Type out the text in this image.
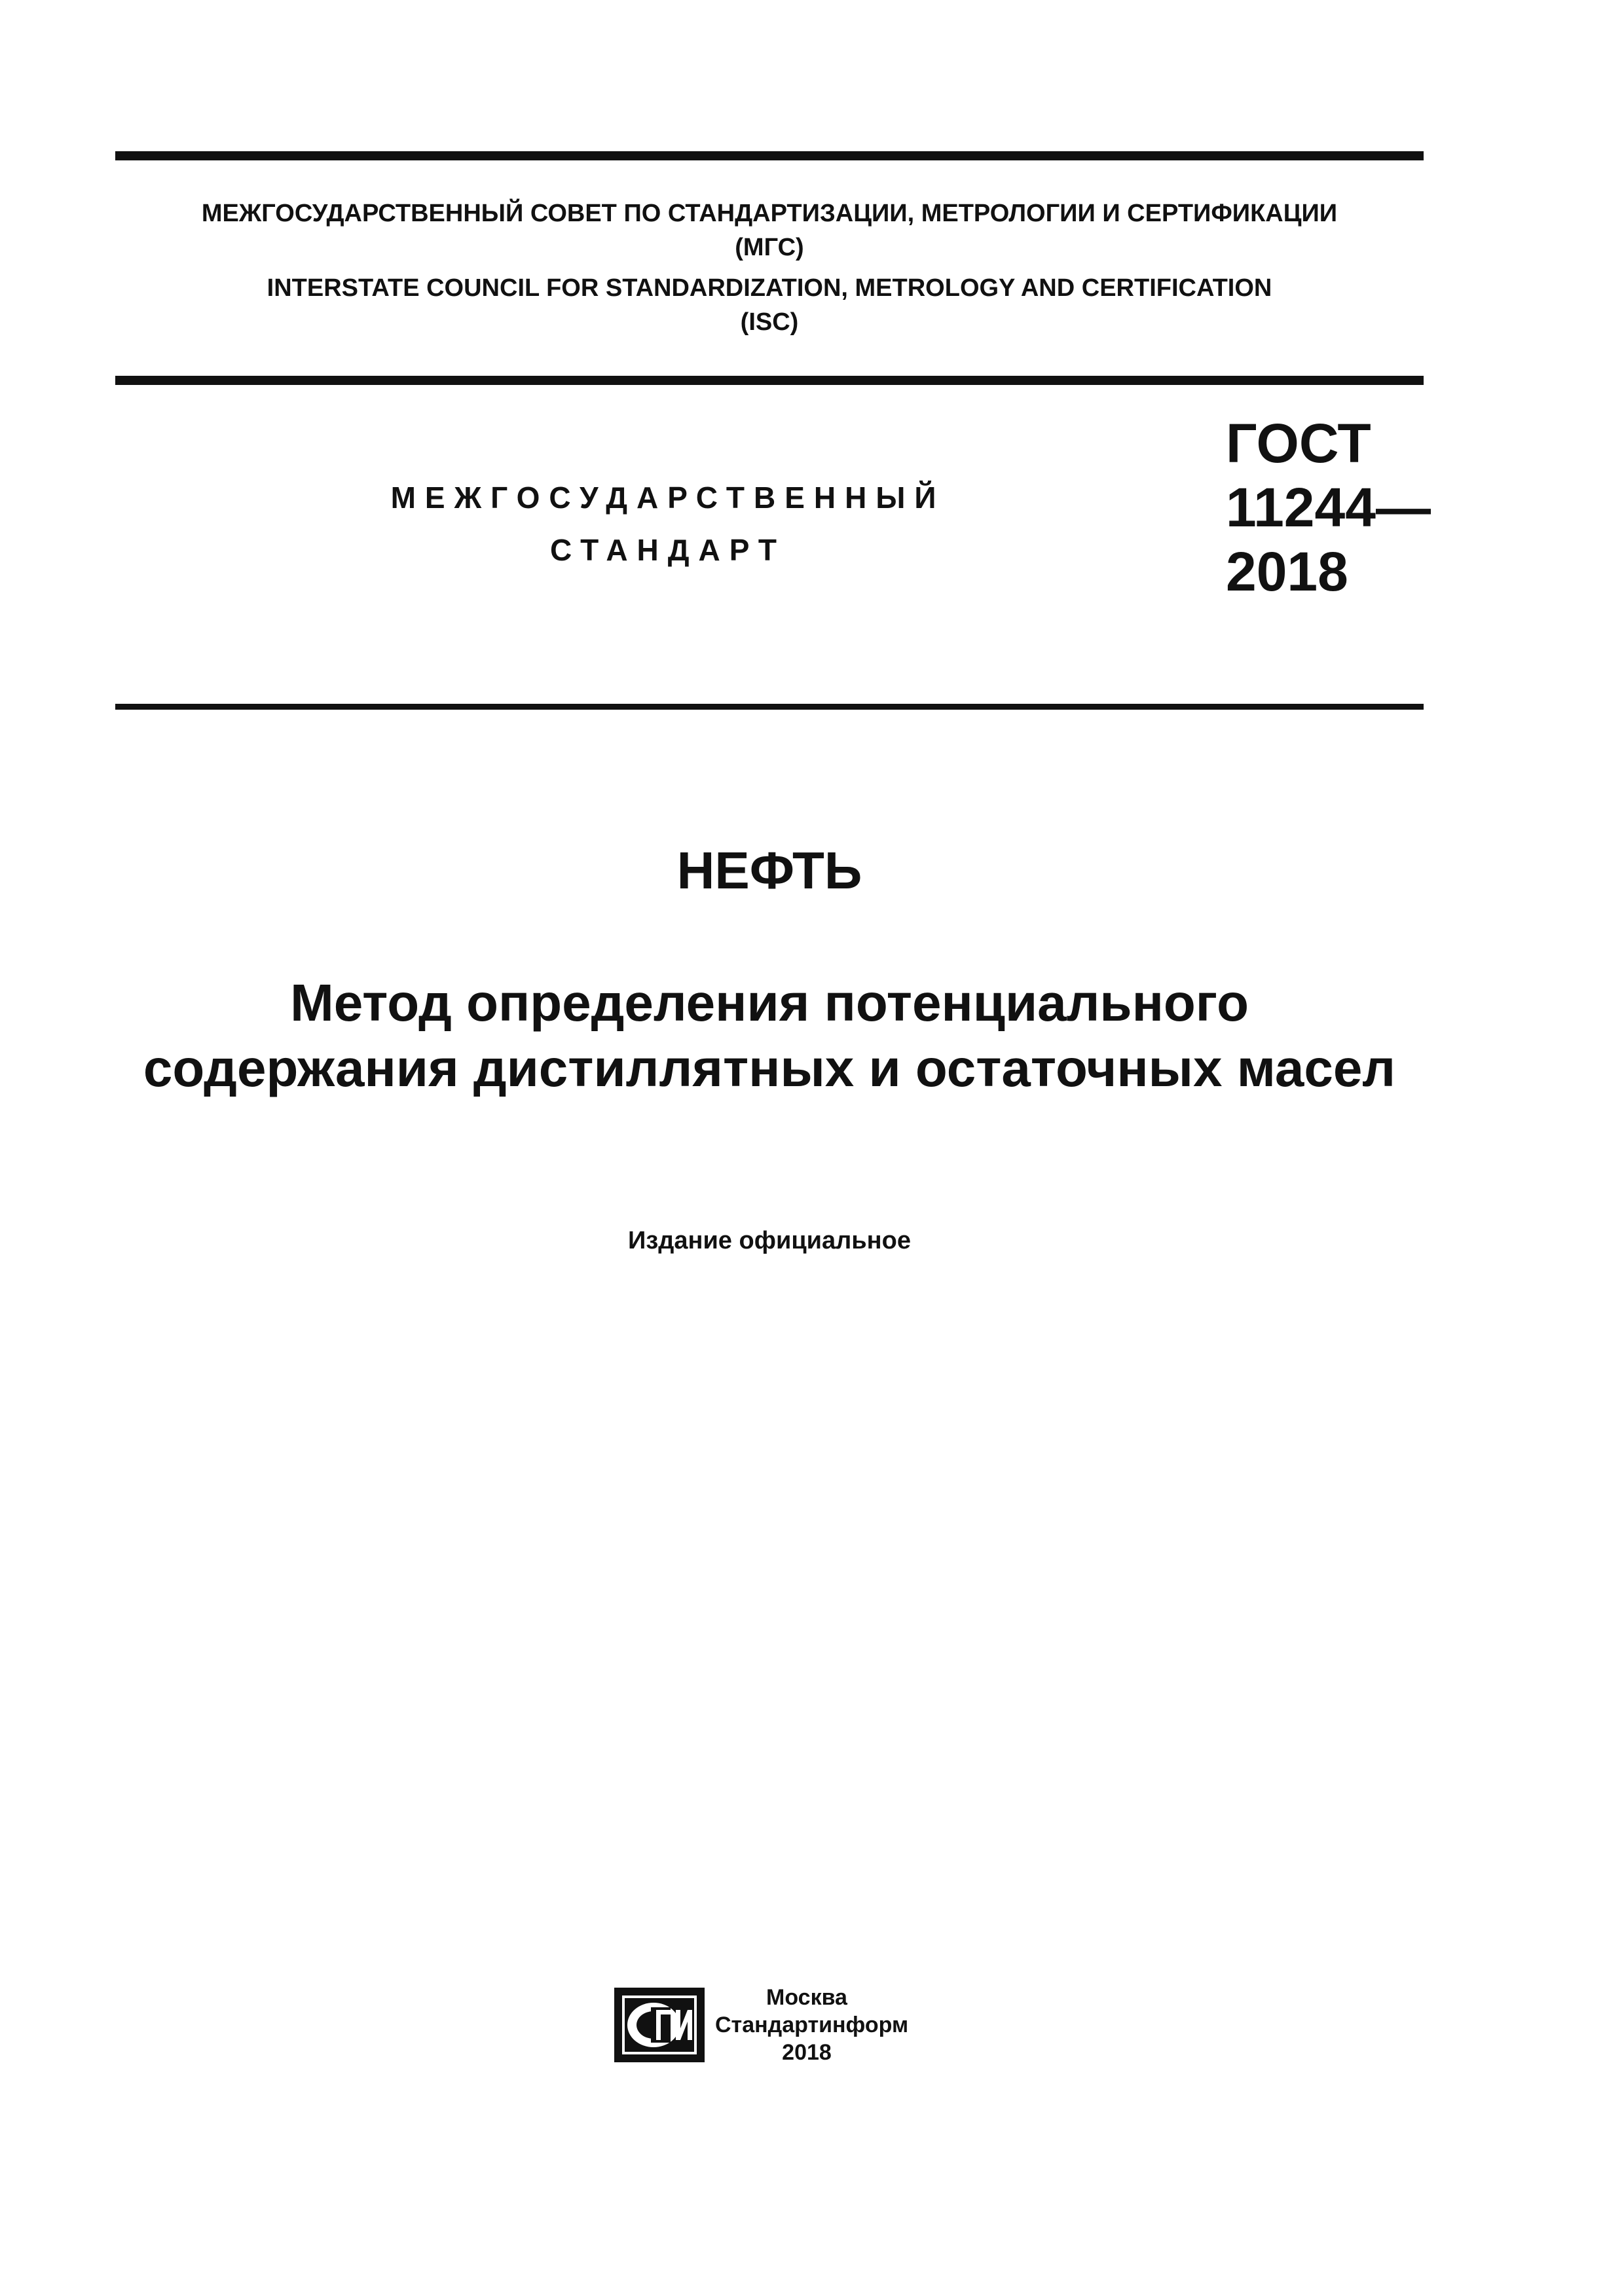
МЕЖГОСУДАРСТВЕННЫЙ СОВЕТ ПО СТАНДАРТИЗАЦИИ, МЕТРОЛОГИИ И СЕРТИФИКАЦИИ
(МГС)
INTERSTATE COUNCIL FOR STANDARDIZATION, METROLOGY AND CERTIFICATION
(ISC)
МЕЖГОСУДАРСТВЕННЫЙ
СТАНДАРТ
ГОСТ
11244—
2018
НЕФТЬ
Метод определения потенциального
содержания дистиллятных и остаточных масел
Издание официальное
Москва
Стандартинформ
2018
